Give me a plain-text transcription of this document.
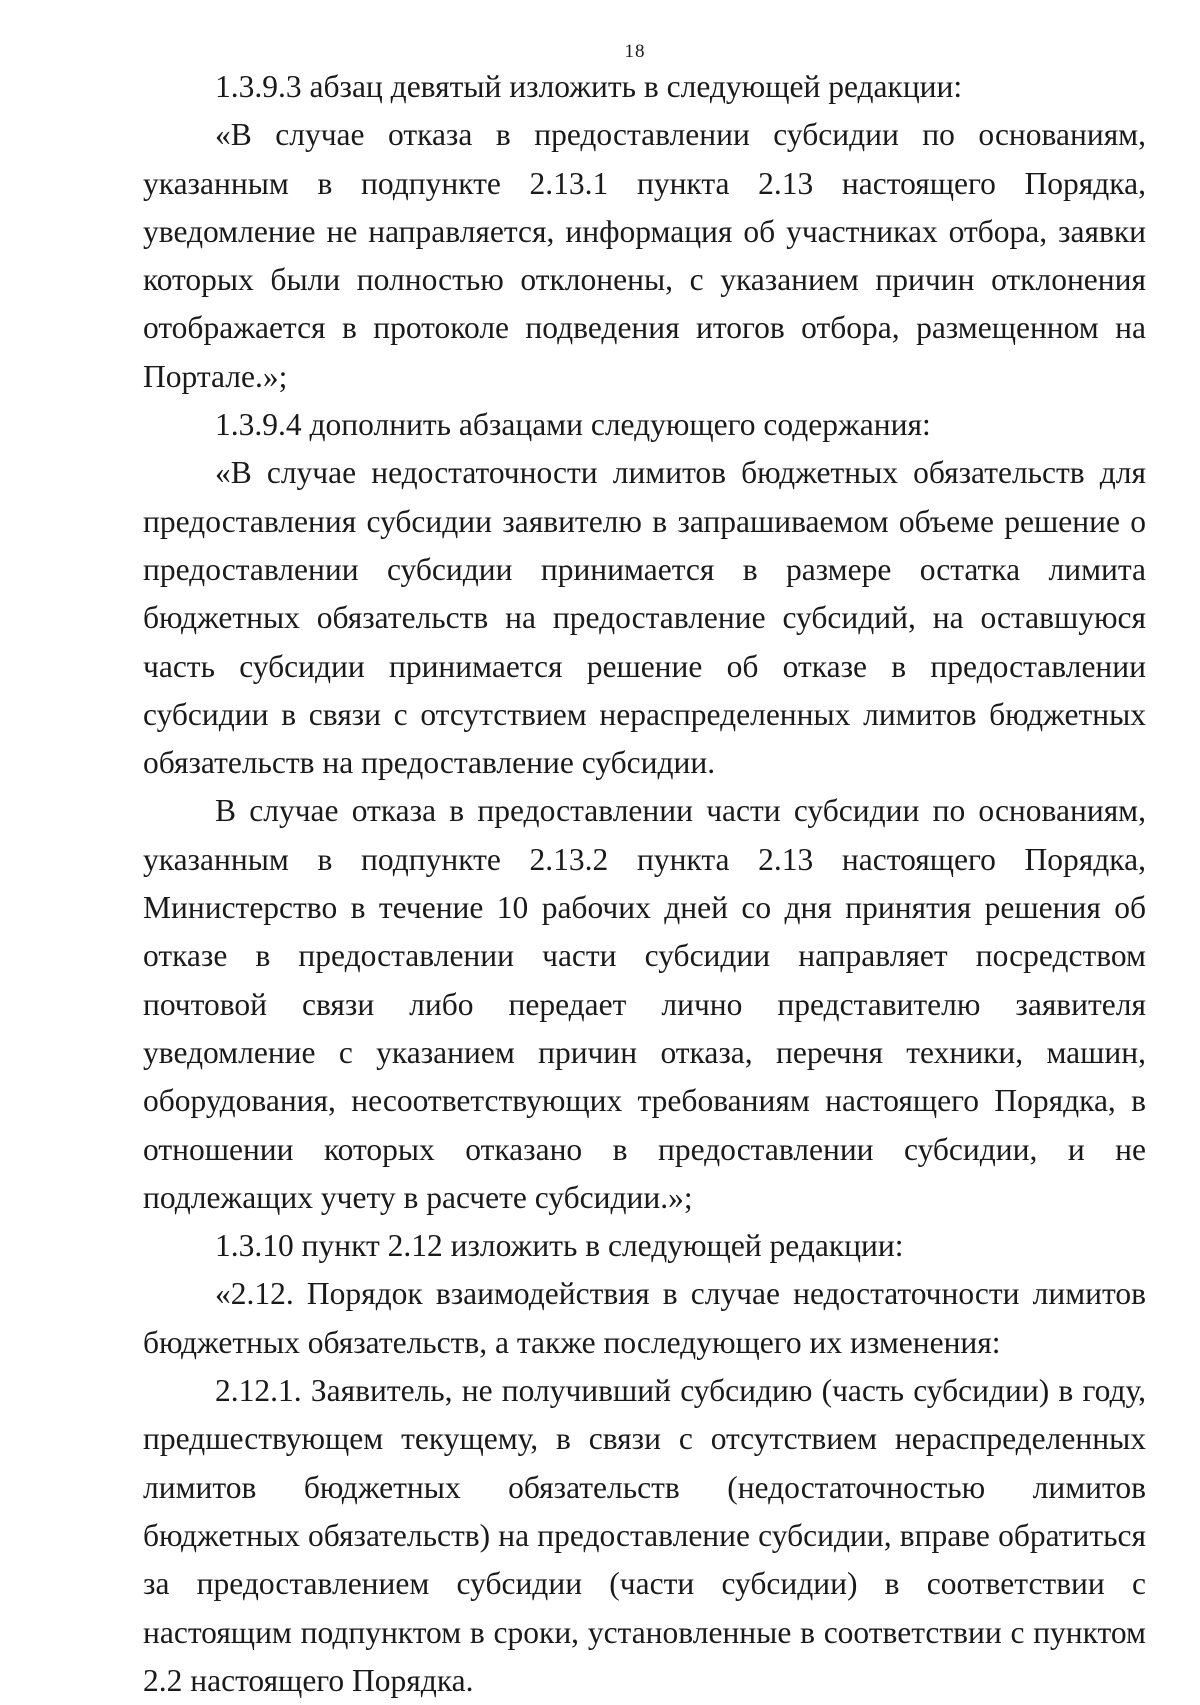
18

1.3.9.3 абзац девятый изложить в следующей редакции:

«В случае отказа в предоставлении субсидии по основаниям, указанным в подпункте 2.13.1 пункта 2.13 настоящего Порядка, уведомление не направляется, информация об участниках отбора, заявки которых были полностью отклонены, с указанием причин отклонения отображается в протоколе подведения итогов отбора, размещенном на Портале.»;

1.3.9.4 дополнить абзацами следующего содержания:

«В случае недостаточности лимитов бюджетных обязательств для предоставления субсидии заявителю в запрашиваемом объеме решение о предоставлении субсидии принимается в размере остатка лимита бюджетных обязательств на предоставление субсидий, на оставшуюся часть субсидии принимается решение об отказе в предоставлении субсидии в связи с отсутствием нераспределенных лимитов бюджетных обязательств на предоставление субсидии.

В случае отказа в предоставлении части субсидии по основаниям, указанным в подпункте 2.13.2 пункта 2.13 настоящего Порядка, Министерство в течение 10 рабочих дней со дня принятия решения об отказе в предоставлении части субсидии направляет посредством почтовой связи либо передает лично представителю заявителя уведомление с указанием причин отказа, перечня техники, машин, оборудования, несоответствующих требованиям настоящего Порядка, в отношении которых отказано в предоставлении субсидии, и не подлежащих учету в расчете субсидии.»;

1.3.10 пункт 2.12 изложить в следующей редакции:

«2.12. Порядок взаимодействия в случае недостаточности лимитов бюджетных обязательств, а также последующего их изменения:

2.12.1. Заявитель, не получивший субсидию (часть субсидии) в году, предшествующем текущему, в связи с отсутствием нераспределенных лимитов бюджетных обязательств (недостаточностью лимитов бюджетных обязательств) на предоставление субсидии, вправе обратиться за предоставлением субсидии (части субсидии) в соответствии с настоящим подпунктом в сроки, установленные в соответствии с пунктом 2.2 настоящего Порядка.
